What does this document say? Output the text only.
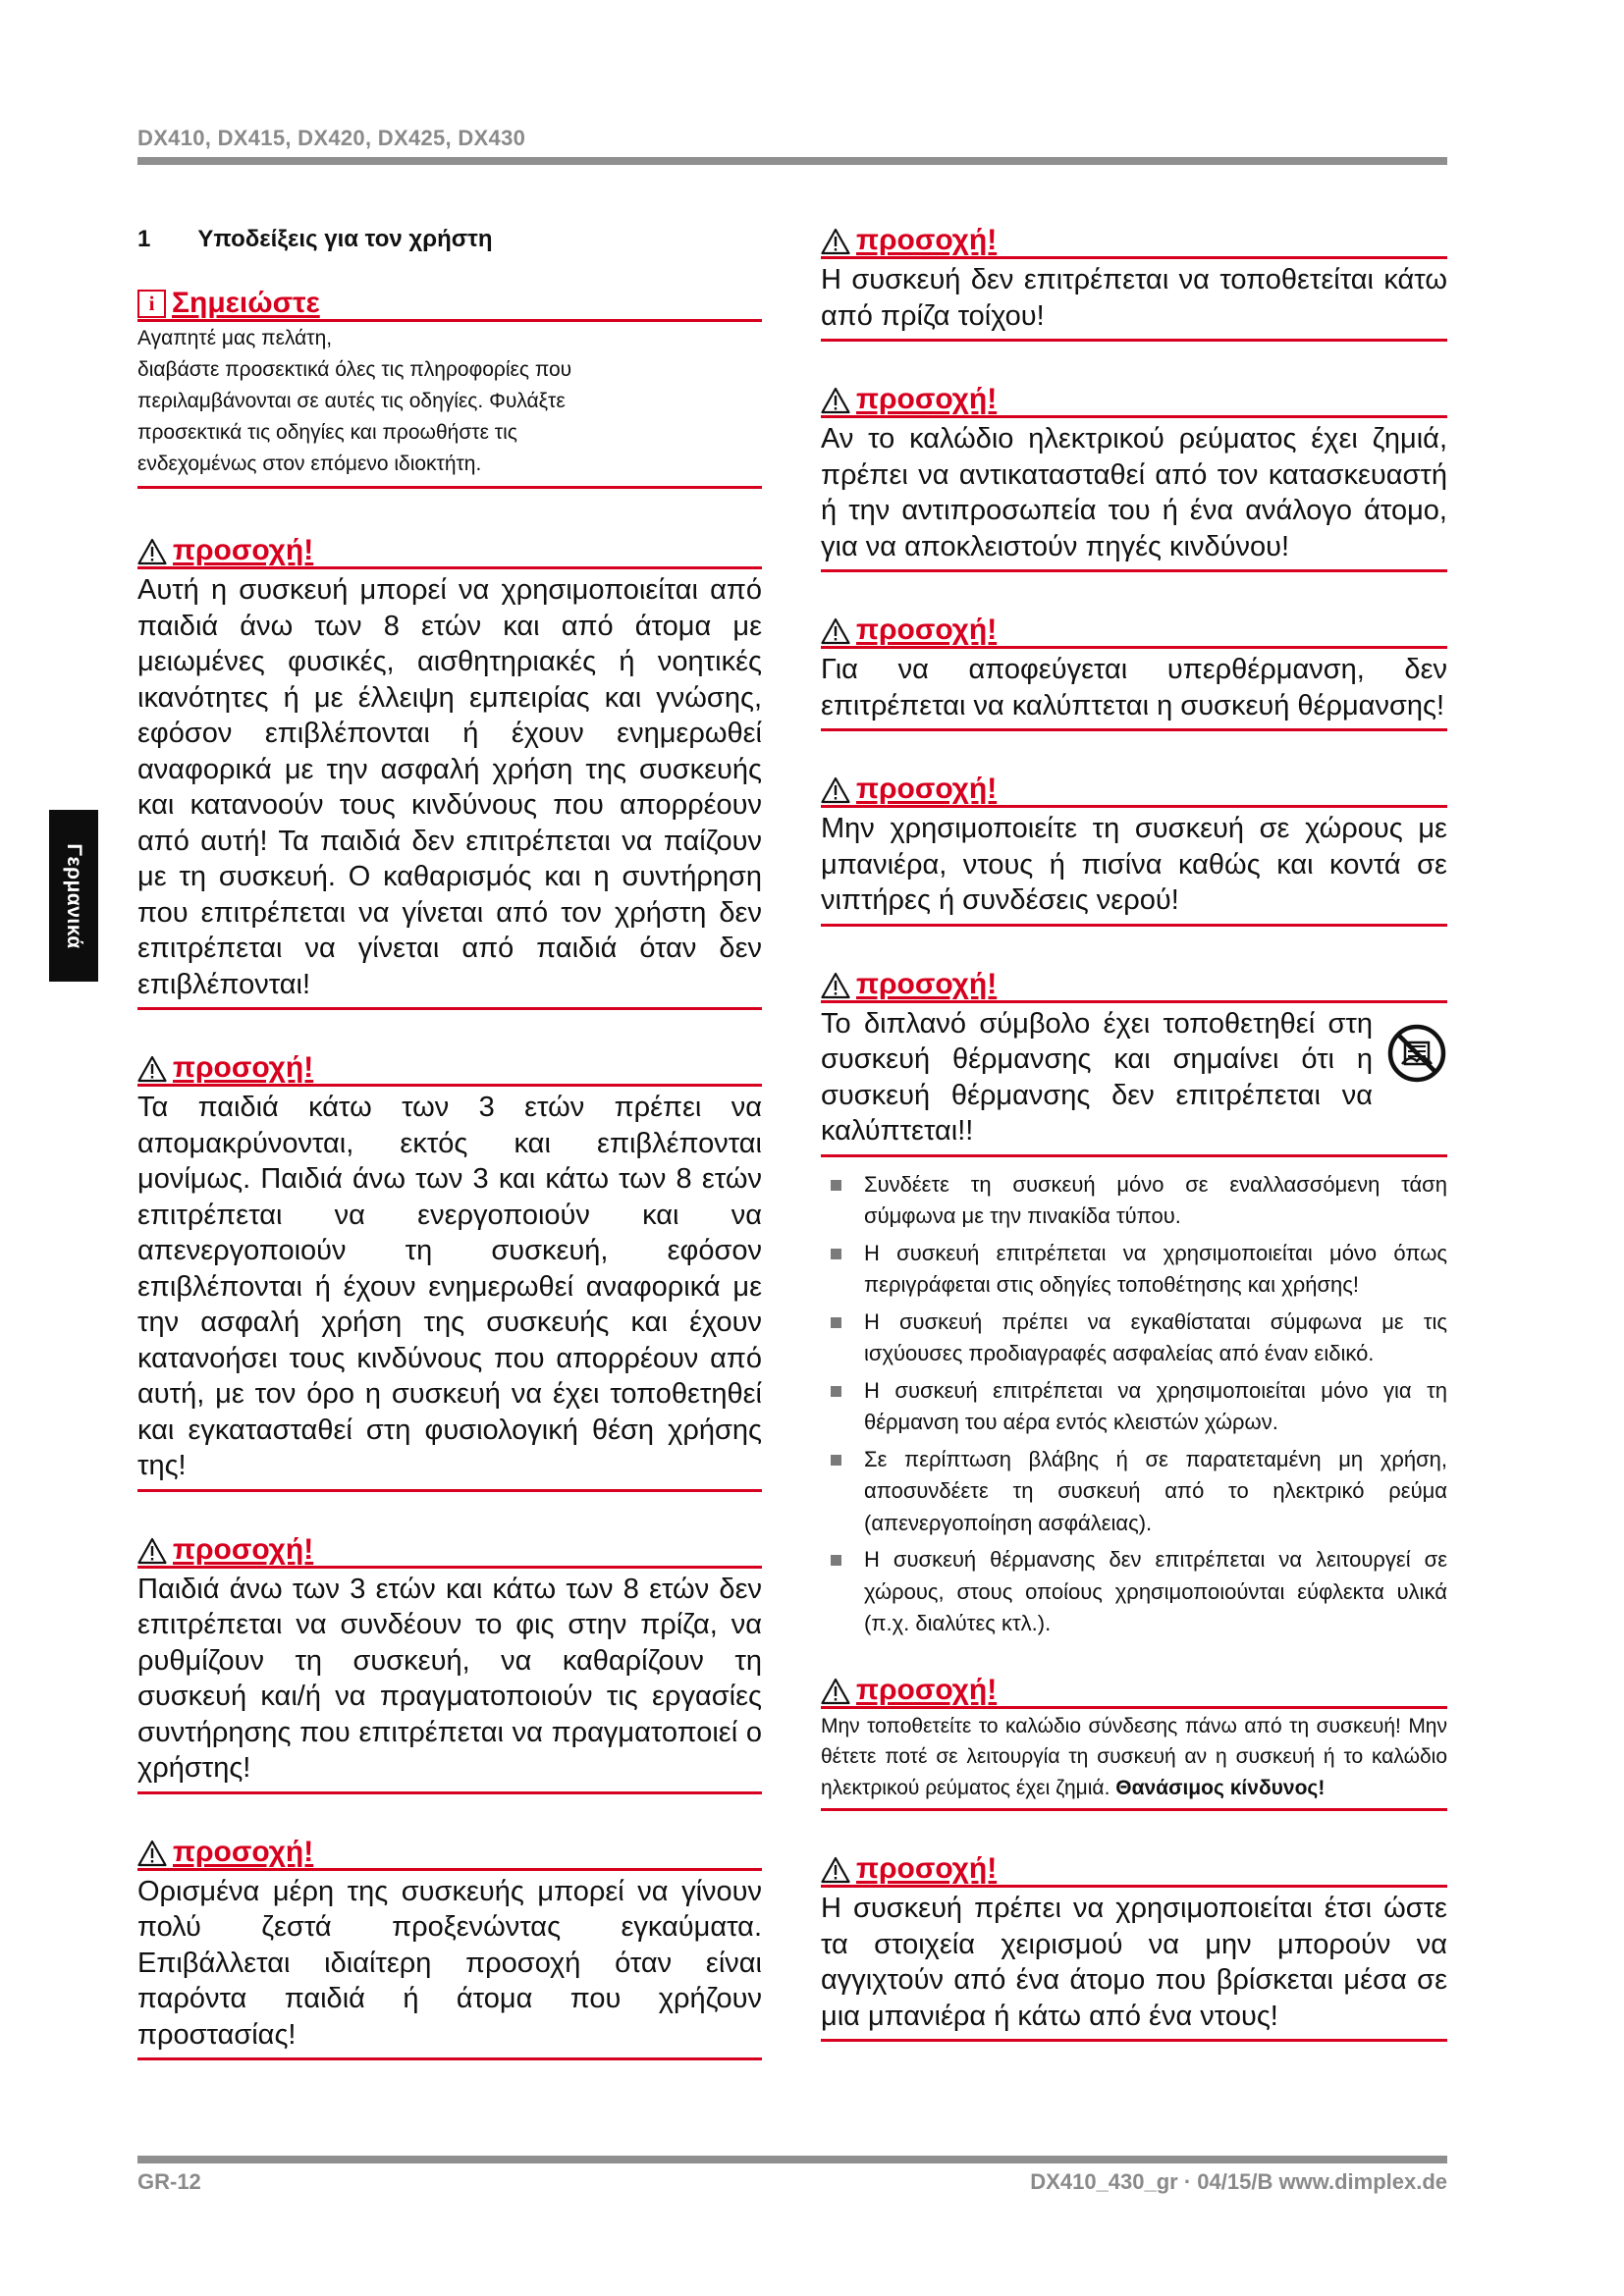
DX410, DX415, DX420, DX425, DX430
Γερμανικά
1 Υποδείξεις για τον χρήστη
i Σημειώστε
Αγαπητέ μας πελάτη,
διαβάστε προσεκτικά όλες τις πληροφορίες που
περιλαμβάνονται σε αυτές τις οδηγίες. Φυλάξτε
προσεκτικά τις οδηγίες και προωθήστε τις
ενδεχομένως στον επόμενο ιδιοκτήτη.
προσοχή!

Αυτή η συσκευή μπορεί να χρησιμοποιείται από παιδιά άνω των 8 ετών και από άτομα με μειωμένες φυσικές, αισθητηριακές ή νοητικές ικανότητες ή με έλλειψη εμπειρίας και γνώσης, εφόσον επιβλέπονται ή έχουν ενημερωθεί αναφορικά με την ασφαλή χρήση της συσκευής και κατανοούν τους κινδύνους που απορρέουν από αυτή! Τα παιδιά δεν επιτρέπεται να παίζουν με τη συσκευή. Ο καθαρισμός και η συντήρηση που επιτρέπεται να γίνεται από τον χρήστη δεν επιτρέπεται να γίνεται από παιδιά όταν δεν επιβλέπονται!

προσοχή!

Τα παιδιά κάτω των 3 ετών πρέπει να απομακρύνονται, εκτός και επιβλέπονται μονίμως. Παιδιά άνω των 3 και κάτω των 8 ετών επιτρέπεται να ενεργοποιούν και να απενεργοποιούν τη συσκευή, εφόσον επιβλέπονται ή έχουν ενημερωθεί αναφορικά με την ασφαλή χρήση της συσκευής και έχουν κατανοήσει τους κινδύνους που απορρέουν από αυτή, με τον όρο η συσκευή να έχει τοποθετηθεί και εγκατασταθεί στη φυσιολογική θέση χρήσης της!

προσοχή!

Παιδιά άνω των 3 ετών και κάτω των 8 ετών δεν επιτρέπεται να συνδέουν το φις στην πρίζα, να ρυθμίζουν τη συσκευή, να καθαρίζουν τη συσκευή και/ή να πραγματοποιούν τις εργασίες συντήρησης που επιτρέπεται να πραγματοποιεί ο χρήστης!

προσοχή!

Ορισμένα μέρη της συσκευής μπορεί να γίνουν πολύ ζεστά προξενώντας εγκαύματα. Επιβάλλεται ιδιαίτερη προσοχή όταν είναι παρόντα παιδιά ή άτομα που χρήζουν προστασίας!

προσοχή!

Η συσκευή δεν επιτρέπεται να τοποθετείται κάτω από πρίζα τοίχου!

προσοχή!

Αν το καλώδιο ηλεκτρικού ρεύματος έχει ζημιά, πρέπει να αντικατασταθεί από τον κατασκευαστή ή την αντιπροσωπεία του ή ένα ανάλογο άτομο, για να αποκλειστούν πηγές κινδύνου!

προσοχή!

Για να αποφεύγεται υπερθέρμανση, δεν επιτρέπεται να καλύπτεται η συσκευή θέρμανσης!

προσοχή!

Μην χρησιμοποιείτε τη συσκευή σε χώρους με μπανιέρα, ντους ή πισίνα καθώς και κοντά σε νιπτήρες ή συνδέσεις νερού!

προσοχή!

Το διπλανό σύμβολο έχει τοποθετηθεί στη συσκευή θέρμανσης και σημαίνει ότι η συσκευή θέρμανσης δεν επιτρέπεται να καλύπτεται!!

Συνδέετε τη συσκευή μόνο σε εναλλασσόμενη τάση σύμφωνα με την πινακίδα τύπου.
Η συσκευή επιτρέπεται να χρησιμοποιείται μόνο όπως περιγράφεται στις οδηγίες τοποθέτησης και χρήσης!
Η συσκευή πρέπει να εγκαθίσταται σύμφωνα με τις ισχύουσες προδιαγραφές ασφαλείας από έναν ειδικό.
Η συσκευή επιτρέπεται να χρησιμοποιείται μόνο για τη θέρμανση του αέρα εντός κλειστών χώρων.
Σε περίπτωση βλάβης ή σε παρατεταμένη μη χρήση, αποσυνδέετε τη συσκευή από το ηλεκτρικό ρεύμα (απενεργοποίηση ασφάλειας).
Η συσκευή θέρμανσης δεν επιτρέπεται να λειτουργεί σε χώρους, στους οποίους χρησιμοποιούνται εύφλεκτα υλικά (π.χ. διαλύτες κτλ.).
προσοχή!

Μην τοποθετείτε το καλώδιο σύνδεσης πάνω από τη συσκευή! Μην θέτετε ποτέ σε λειτουργία τη συσκευή αν η συσκευή ή το καλώδιο ηλεκτρικού ρεύματος έχει ζημιά. Θανάσιμος κίνδυνος!

προσοχή!

Η συσκευή πρέπει να χρησιμοποιείται έτσι ώστε τα στοιχεία χειρισμού να μην μπορούν να αγγιχτούν από ένα άτομο που βρίσκεται μέσα σε μια μπανιέρα ή κάτω από ένα ντους!

GR-12	DX410_430_gr · 04/15/B www.dimplex.de
